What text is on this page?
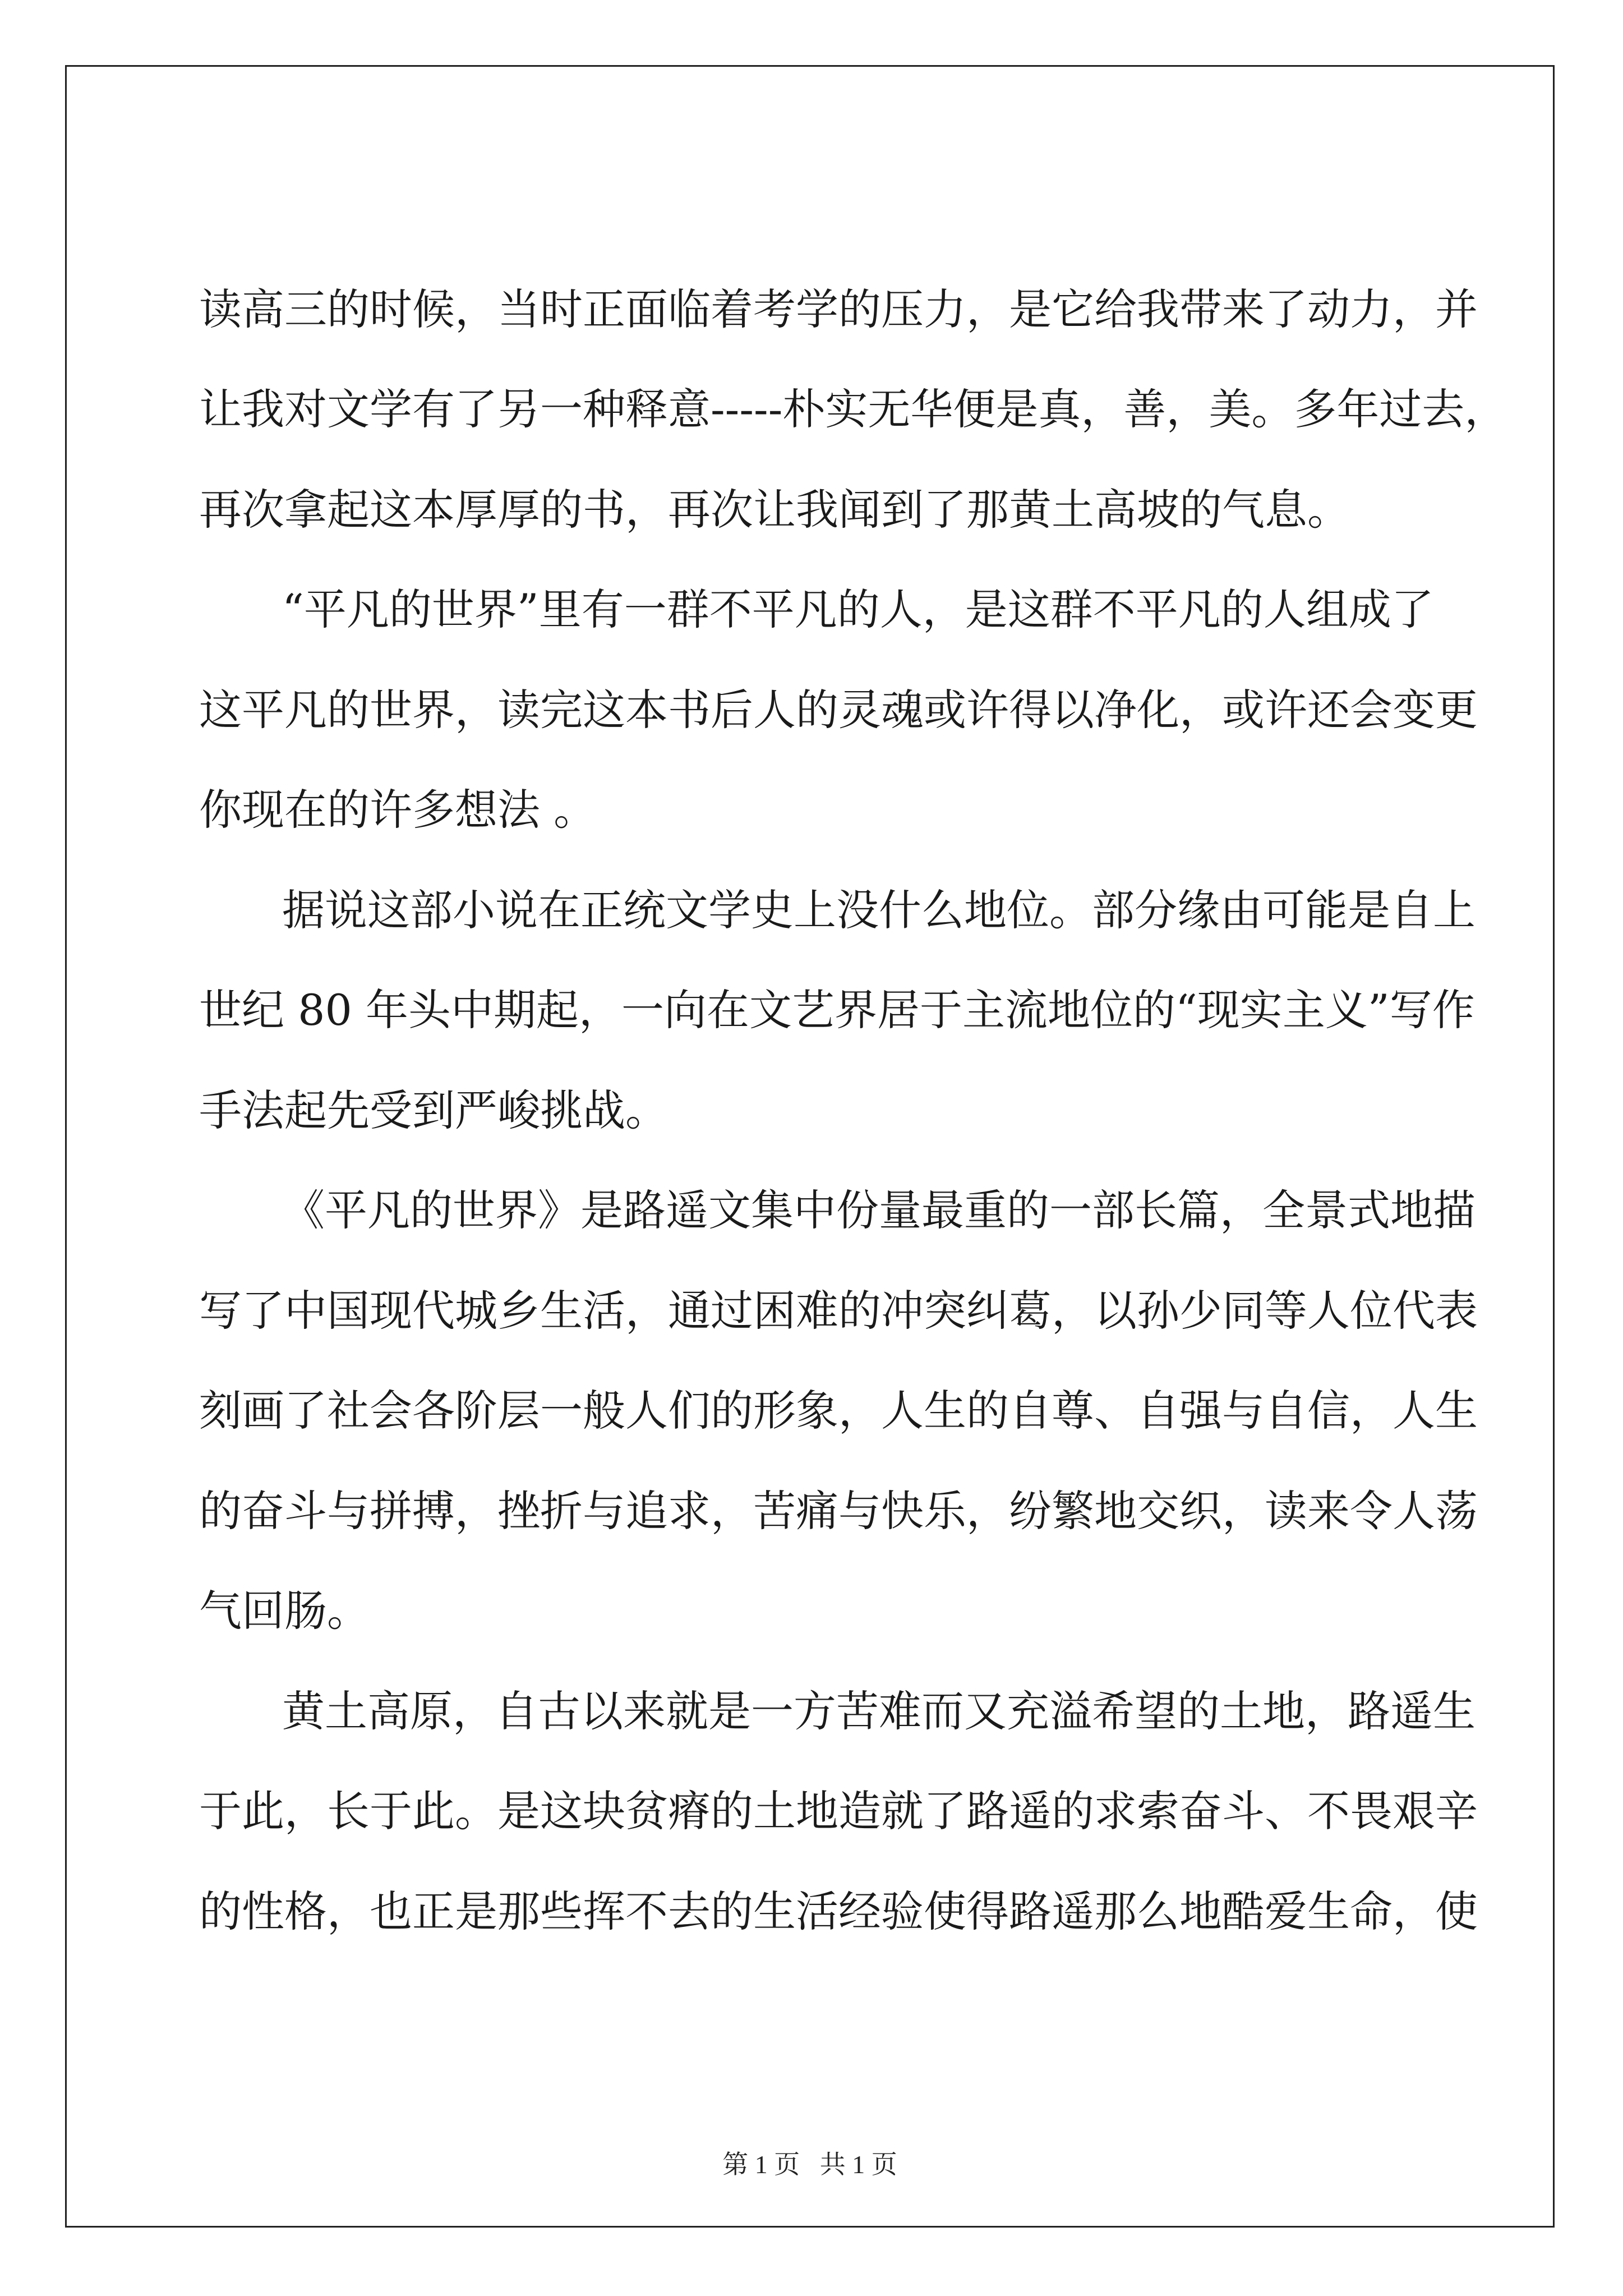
读高三的时候，当时正面临着考学的压力，是它给我带来了动力，并
让我对文学有了另一种释意-----朴实无华便是真，善，美。多年过去，
再次拿起这本厚厚的书，再次让我闻到了那黄土高坡的气息。
“平凡的世界”里有一群不平凡的人，是这群不平凡的人组成了
这平凡的世界，读完这本书后人的灵魂或许得以净化，或许还会变更
你现在的许多想法 。
据说这部小说在正统文学史上没什么地位。部分缘由可能是自上
世纪 80 年头中期起，一向在文艺界居于主流地位的“现实主义”写作
手法起先受到严峻挑战。
《平凡的世界》是路遥文集中份量最重的一部长篇，全景式地描
写了中国现代城乡生活，通过困难的冲突纠葛，以孙少同等人位代表
刻画了社会各阶层一般人们的形象，人生的自尊、自强与自信，人生
的奋斗与拼搏，挫折与追求，苦痛与快乐，纷繁地交织，读来令人荡
气回肠。
黄土高原，自古以来就是一方苦难而又充溢希望的土地，路遥生
于此，长于此。是这块贫瘠的土地造就了路遥的求索奋斗、不畏艰辛
的性格，也正是那些挥不去的生活经验使得路遥那么地酷爱生命，使
第 1 页 共 1 页
